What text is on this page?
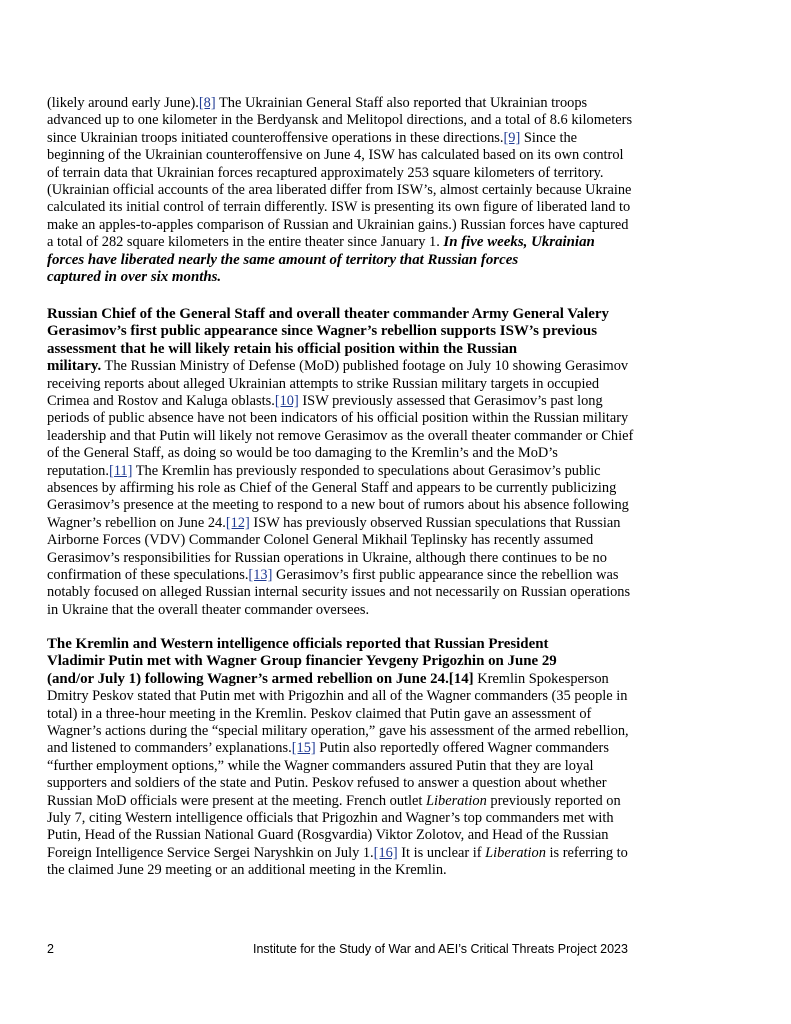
(likely around early June).[8] The Ukrainian General Staff also reported that Ukrainian troops
advanced up to one kilometer in the Berdyansk and Melitopol directions, and a total of 8.6 kilometers
since Ukrainian troops initiated counteroffensive operations in these directions.[9] Since the
beginning of the Ukrainian counteroffensive on June 4, ISW has calculated based on its own control
of terrain data that Ukrainian forces recaptured approximately 253 square kilometers of territory.
(Ukrainian official accounts of the area liberated differ from ISW’s, almost certainly because Ukraine
calculated its initial control of terrain differently. ISW is presenting its own figure of liberated land to
make an apples-to-apples comparison of Russian and Ukrainian gains.) Russian forces have captured
a total of 282 square kilometers in the entire theater since January 1. In five weeks, Ukrainian
forces have liberated nearly the same amount of territory that Russian forces
captured in over six months.
Russian Chief of the General Staff and overall theater commander Army General Valery
Gerasimov’s first public appearance since Wagner’s rebellion supports ISW’s previous
assessment that he will likely retain his official position within the Russian
military. The Russian Ministry of Defense (MoD) published footage on July 10 showing Gerasimov
receiving reports about alleged Ukrainian attempts to strike Russian military targets in occupied
Crimea and Rostov and Kaluga oblasts.[10] ISW previously assessed that Gerasimov’s past long
periods of public absence have not been indicators of his official position within the Russian military
leadership and that Putin will likely not remove Gerasimov as the overall theater commander or Chief
of the General Staff, as doing so would be too damaging to the Kremlin’s and the MoD’s
reputation.[11] The Kremlin has previously responded to speculations about Gerasimov’s public
absences by affirming his role as Chief of the General Staff and appears to be currently publicizing
Gerasimov’s presence at the meeting to respond to a new bout of rumors about his absence following
Wagner’s rebellion on June 24.[12] ISW has previously observed Russian speculations that Russian
Airborne Forces (VDV) Commander Colonel General Mikhail Teplinsky has recently assumed
Gerasimov’s responsibilities for Russian operations in Ukraine, although there continues to be no
confirmation of these speculations.[13] Gerasimov’s first public appearance since the rebellion was
notably focused on alleged Russian internal security issues and not necessarily on Russian operations
in Ukraine that the overall theater commander oversees.
The Kremlin and Western intelligence officials reported that Russian President
Vladimir Putin met with Wagner Group financier Yevgeny Prigozhin on June 29
(and/or July 1) following Wagner’s armed rebellion on June 24.[14] Kremlin Spokesperson
Dmitry Peskov stated that Putin met with Prigozhin and all of the Wagner commanders (35 people in
total) in a three-hour meeting in the Kremlin. Peskov claimed that Putin gave an assessment of
Wagner’s actions during the “special military operation,” gave his assessment of the armed rebellion,
and listened to commanders’ explanations.[15] Putin also reportedly offered Wagner commanders
“further employment options,” while the Wagner commanders assured Putin that they are loyal
supporters and soldiers of the state and Putin. Peskov refused to answer a question about whether
Russian MoD officials were present at the meeting. French outlet Liberation previously reported on
July 7, citing Western intelligence officials that Prigozhin and Wagner’s top commanders met with
Putin, Head of the Russian National Guard (Rosgvardia) Viktor Zolotov, and Head of the Russian
Foreign Intelligence Service Sergei Naryshkin on July 1.[16] It is unclear if Liberation is referring to
the claimed June 29 meeting or an additional meeting in the Kremlin.
2	Institute for the Study of War and AEI’s Critical Threats Project 2023
